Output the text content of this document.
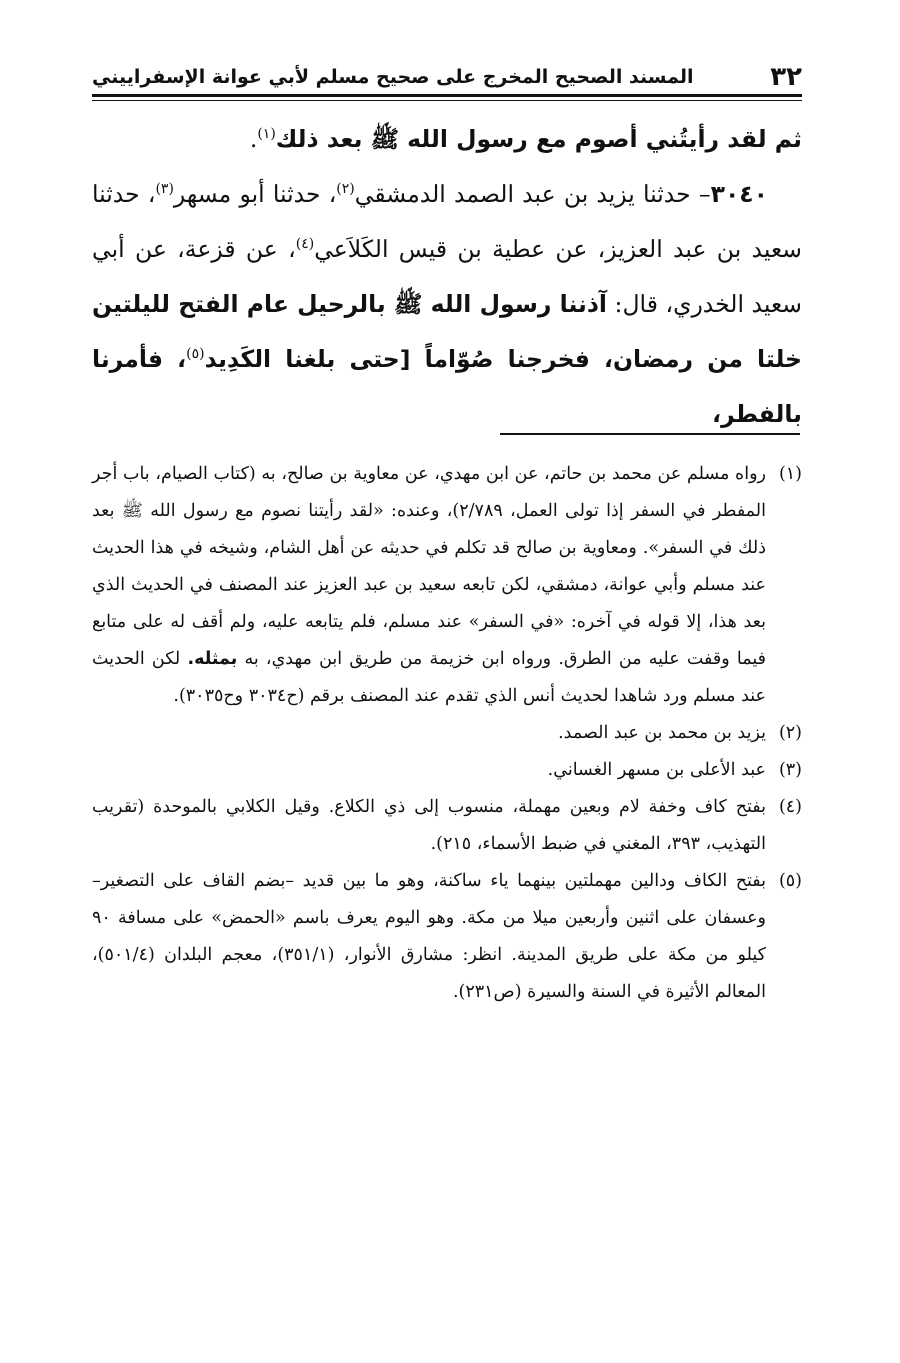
٣٢
المسند الصحيح المخرج على صحيح مسلم لأبي عوانة الإسفراييني

ثم لقد رأيتُني أصوم مع رسول الله ﷺ بعد ذلك$^{(١)}$.

٣٠٤٠– حدثنا يزيد بن عبد الصمد الدمشقي$^{(٢)}$، حدثنا أبو مسهر$^{(٣)}$، حدثنا سعيد بن عبد العزيز، عن عطية بن قيس الكَلاَعي$^{(٤)}$، عن قزعة، عن أبي سعيد الخدري، قال: آذننا رسول الله ﷺ بالرحيل عام الفتح لليلتين خلتا من رمضان، فخرجنا صُوّاماً [حتى بلغنا الكَدِيد$^{(٥)}$، فأمرنا بالفطر،

(١)
رواه مسلم عن محمد بن حاتم، عن ابن مهدي، عن معاوية بن صالح، به (كتاب الصيام، باب أجر المفطر في السفر إذا تولى العمل، ٢/٧٨٩)، وعنده: «لقد رأيتنا نصوم مع رسول الله ﷺ بعد ذلك في السفر». ومعاوية بن صالح قد تكلم في حديثه عن أهل الشام، وشيخه في هذا الحديث عند مسلم وأبي عوانة، دمشقي، لكن تابعه سعيد بن عبد العزيز عند المصنف في الحديث الذي بعد هذا، إلا قوله في آخره: «في السفر» عند مسلم، فلم يتابعه عليه، ولم أقف له على متابع فيما وقفت عليه من الطرق. ورواه ابن خزيمة من طريق ابن مهدي، به بمثله. لكن الحديث عند مسلم ورد شاهدا لحديث أنس الذي تقدم عند المصنف برقم (ح٣٠٣٤ وح٣٠٣٥).
(٢)
يزيد بن محمد بن عبد الصمد.
(٣)
عبد الأعلى بن مسهر الغساني.
(٤)
بفتح كاف وخفة لام وبعين مهملة، منسوب إلى ذي الكلاع. وقيل الكلابي بالموحدة (تقريب التهذيب، ٣٩٣، المغني في ضبط الأسماء، ٢١٥).
(٥)
بفتح الكاف ودالين مهملتين بينهما ياء ساكنة، وهو ما بين قديد –بضم القاف على التصغير– وعسفان على اثنين وأربعين ميلا من مكة. وهو اليوم يعرف باسم «الحمض» على مسافة ٩٠ كيلو من مكة على طريق المدينة. انظر: مشارق الأنوار، (٣٥١/١)، معجم البلدان (٥٠١/٤)، المعالم الأثيرة في السنة والسيرة (ص٢٣١).
